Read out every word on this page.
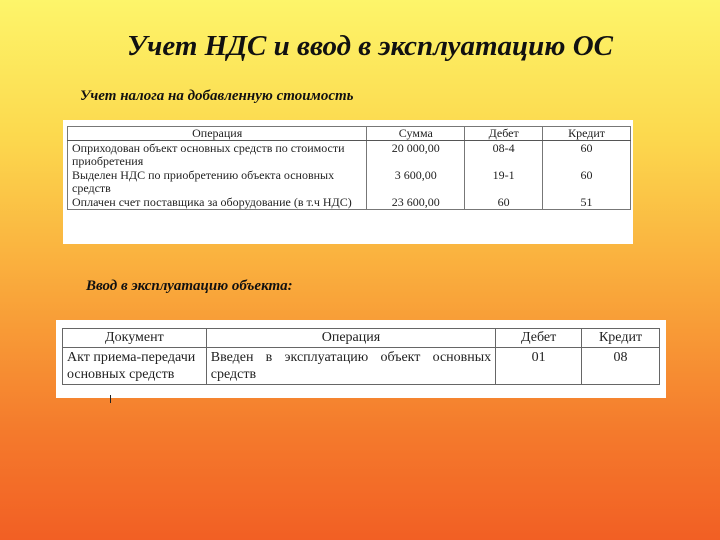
Учет НДС и ввод в эксплуатацию ОС
Учет налога на добавленную стоимость
Операция	Сумма	Дебет	Кредит
Оприходован объект основных средств по стоимости приобретения	20 000,00	08-4	60
Выделен НДС по приобретению объекта основных средств	3 600,00	19-1	60
Оплачен счет поставщика за оборудование (в т.ч НДС)	23 600,00	60	51
Ввод в эксплуатацию объекта:
Документ	Операция	Дебет	Кредит
Акт приема-передачи основных средств	Введен в эксплуатацию объект основных средств	01	08
